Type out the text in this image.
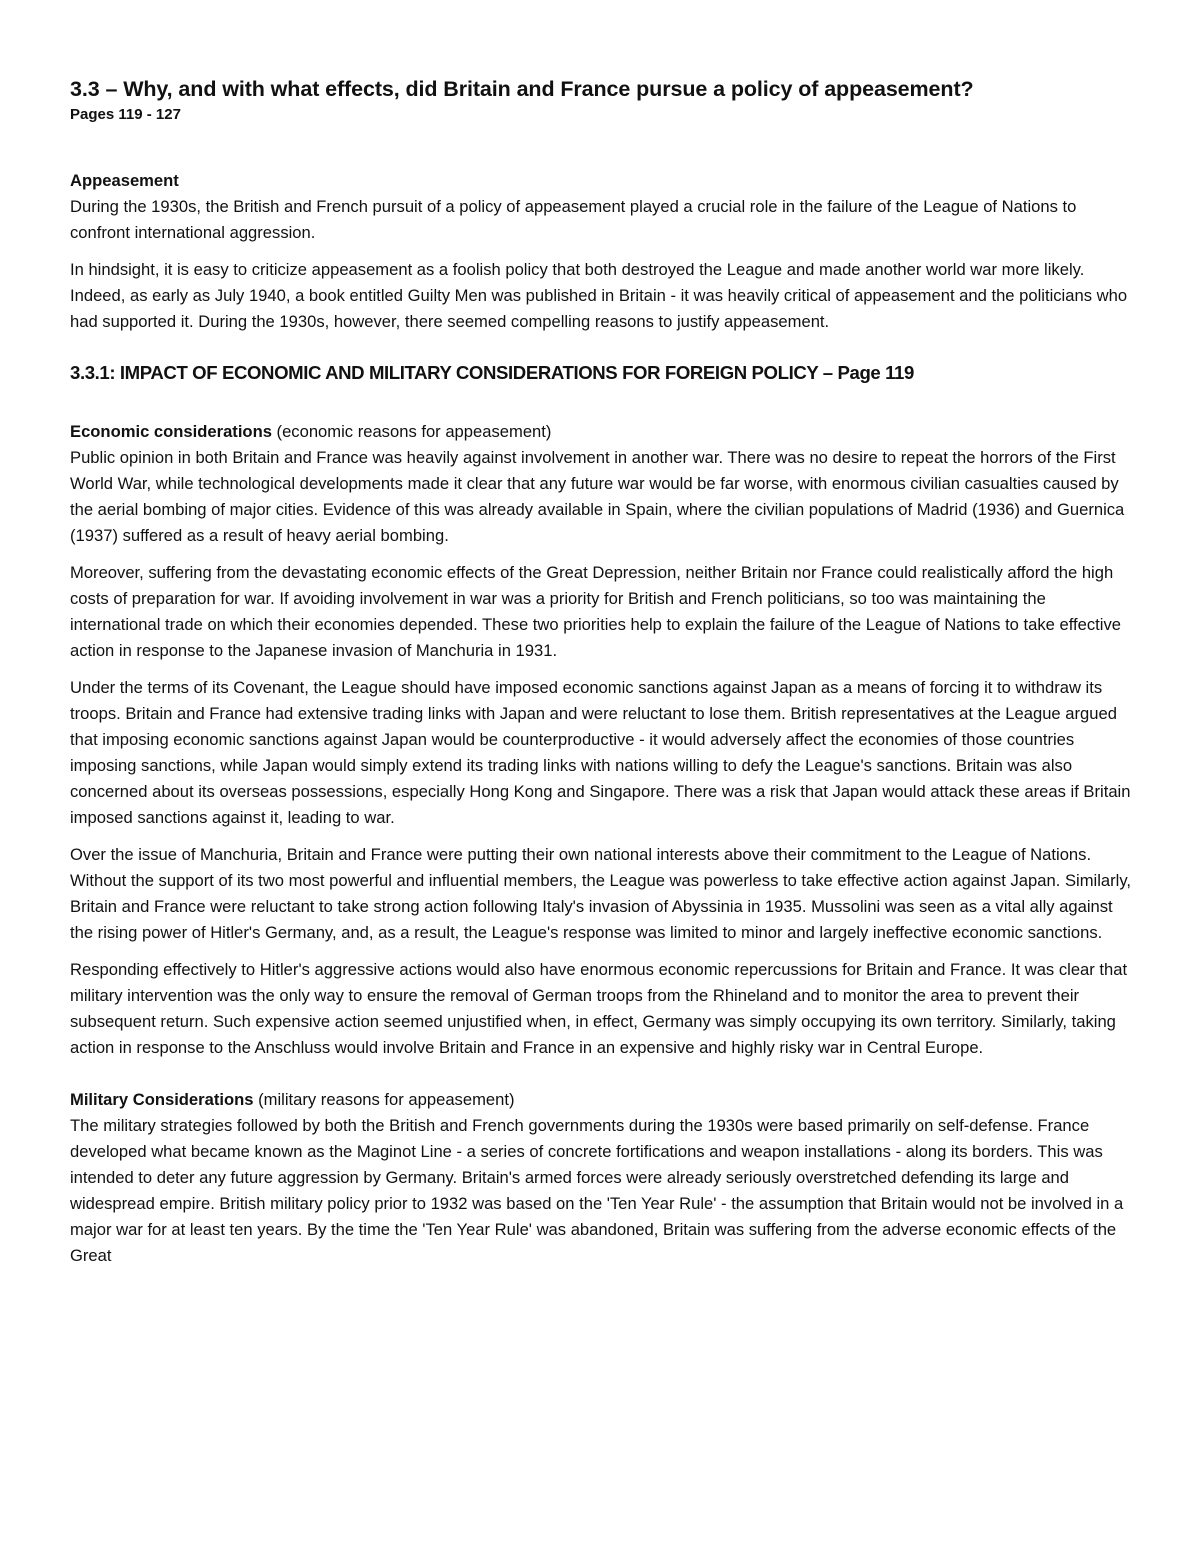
3.3 – Why, and with what effects, did Britain and France pursue a policy of appeasement?
Pages 119 - 127
Appeasement

During the 1930s, the British and French pursuit of a policy of appeasement played a crucial role in the failure of the League of Nations to confront international aggression.

In hindsight, it is easy to criticize appeasement as a foolish policy that both destroyed the League and made another world war more likely. Indeed, as early as July 1940, a book entitled Guilty Men was published in Britain - it was heavily critical of appeasement and the politicians who had supported it. During the 1930s, however, there seemed compelling reasons to justify appeasement.

3.3.1: IMPACT OF ECONOMIC AND MILITARY CONSIDERATIONS FOR FOREIGN POLICY – Page 119
Economic considerations (economic reasons for appeasement)

Public opinion in both Britain and France was heavily against involvement in another war. There was no desire to repeat the horrors of the First World War, while technological developments made it clear that any future war would be far worse, with enormous civilian casualties caused by the aerial bombing of major cities. Evidence of this was already available in Spain, where the civilian populations of Madrid (1936) and Guernica (1937) suffered as a result of heavy aerial bombing.

Moreover, suffering from the devastating economic effects of the Great Depression, neither Britain nor France could realistically afford the high costs of preparation for war. If avoiding involvement in war was a priority for British and French politicians, so too was maintaining the international trade on which their economies depended. These two priorities help to explain the failure of the League of Nations to take effective action in response to the Japanese invasion of Manchuria in 1931.

Under the terms of its Covenant, the League should have imposed economic sanctions against Japan as a means of forcing it to withdraw its troops. Britain and France had extensive trading links with Japan and were reluctant to lose them. British representatives at the League argued that imposing economic sanctions against Japan would be counterproductive - it would adversely affect the economies of those countries imposing sanctions, while Japan would simply extend its trading links with nations willing to defy the League's sanctions. Britain was also concerned about its overseas possessions, especially Hong Kong and Singapore. There was a risk that Japan would attack these areas if Britain imposed sanctions against it, leading to war.

Over the issue of Manchuria, Britain and France were putting their own national interests above their commitment to the League of Nations. Without the support of its two most powerful and influential members, the League was powerless to take effective action against Japan. Similarly, Britain and France were reluctant to take strong action following Italy's invasion of Abyssinia in 1935. Mussolini was seen as a vital ally against the rising power of Hitler's Germany, and, as a result, the League's response was limited to minor and largely ineffective economic sanctions.

Responding effectively to Hitler's aggressive actions would also have enormous economic repercussions for Britain and France. It was clear that military intervention was the only way to ensure the removal of German troops from the Rhineland and to monitor the area to prevent their subsequent return. Such expensive action seemed unjustified when, in effect, Germany was simply occupying its own territory. Similarly, taking action in response to the Anschluss would involve Britain and France in an expensive and highly risky war in Central Europe.

Military Considerations (military reasons for appeasement)

The military strategies followed by both the British and French governments during the 1930s were based primarily on self-defense. France developed what became known as the Maginot Line - a series of concrete fortifications and weapon installations - along its borders. This was intended to deter any future aggression by Germany. Britain's armed forces were already seriously overstretched defending its large and widespread empire. British military policy prior to 1932 was based on the 'Ten Year Rule' - the assumption that Britain would not be involved in a major war for at least ten years. By the time the 'Ten Year Rule' was abandoned, Britain was suffering from the adverse economic effects of the Great
